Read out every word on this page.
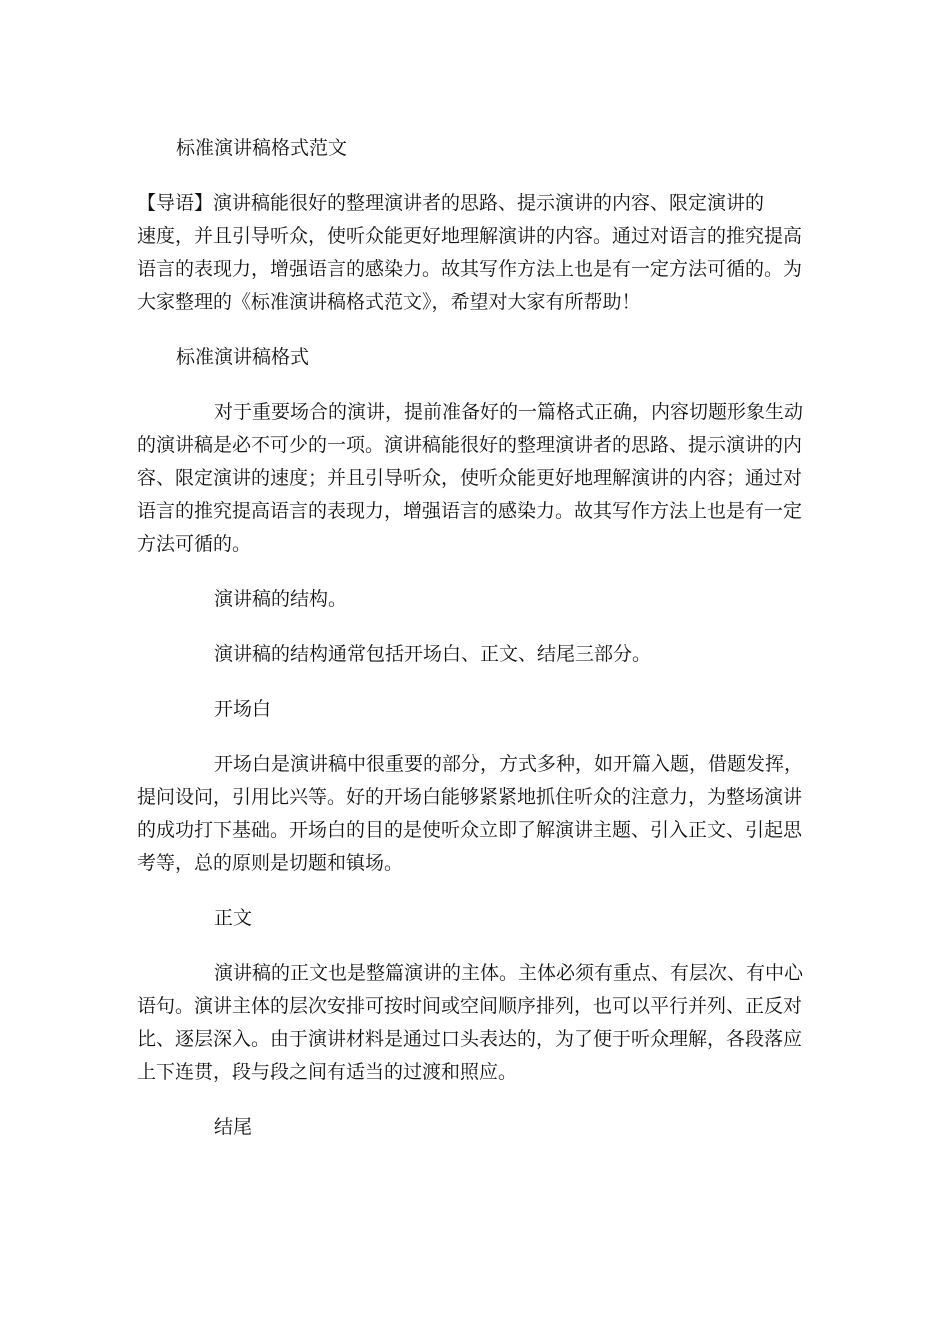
标准演讲稿格式范文
【导语】演讲稿能很好的整理演讲者的思路、提示演讲的内容、限定演讲的
速度，并且引导听众，使听众能更好地理解演讲的内容。通过对语言的推究提高
语言的表现力，增强语言的感染力。故其写作方法上也是有一定方法可循的。为
大家整理的《标准演讲稿格式范文》，希望对大家有所帮助！
标准演讲稿格式
对于重要场合的演讲，提前准备好的一篇格式正确，内容切题形象生动
的演讲稿是必不可少的一项。演讲稿能很好的整理演讲者的思路、提示演讲的内
容、限定演讲的速度；并且引导听众，使听众能更好地理解演讲的内容；通过对
语言的推究提高语言的表现力，增强语言的感染力。故其写作方法上也是有一定
方法可循的。
演讲稿的结构。
演讲稿的结构通常包括开场白、正文、结尾三部分。
开场白
开场白是演讲稿中很重要的部分，方式多种，如开篇入题，借题发挥，
提问设问，引用比兴等。好的开场白能够紧紧地抓住听众的注意力，为整场演讲
的成功打下基础。开场白的目的是使听众立即了解演讲主题、引入正文、引起思
考等，总的原则是切题和镇场。
正文
演讲稿的正文也是整篇演讲的主体。主体必须有重点、有层次、有中心
语句。演讲主体的层次安排可按时间或空间顺序排列，也可以平行并列、正反对
比、逐层深入。由于演讲材料是通过口头表达的，为了便于听众理解，各段落应
上下连贯，段与段之间有适当的过渡和照应。
结尾
